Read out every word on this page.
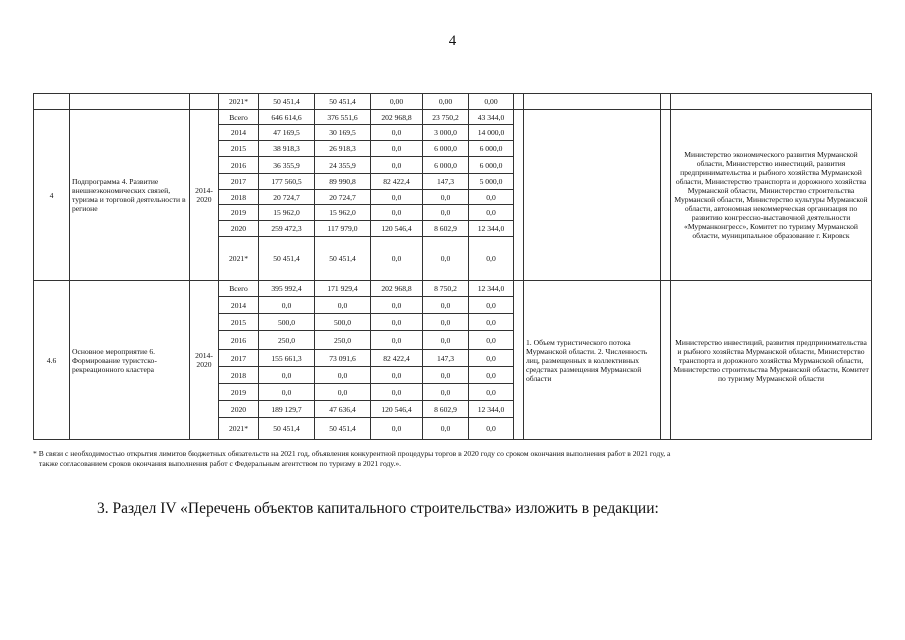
4
			2021*	50 451,4	50 451,4	0,00	0,00	0,00				
4	Подпрограмма 4. Развитие внешнеэкономических связей, туризма и торговой деятельности в регионе	2014-2020	Всего	646 614,6	376 551,6	202 968,8	23 750,2	43 344,0				Министерство экономического развития Мурманской области, Министерство инвестиций, развития предпринимательства и рыбного хозяйства Мурманской области, Министерство транспорта и дорожного хозяйства Мурманской области, Министерство строительства Мурманской области, Министерство культуры Мурманской области, автономная некоммерческая организация по развитию конгрессно-выставочной деятельности «Мурманконгресс», Комитет по туризму Мурманской области, муниципальное образование г. Кировск
			2014	47 169,5	30 169,5	0,0	3 000,0	14 000,0				
			2015	38 918,3	26 918,3	0,0	6 000,0	6 000,0				
			2016	36 355,9	24 355,9	0,0	6 000,0	6 000,0				
			2017	177 560,5	89 990,8	82 422,4	147,3	5 000,0				
			2018	20 724,7	20 724,7	0,0	0,0	0,0				
			2019	15 962,0	15 962,0	0,0	0,0	0,0				
			2020	259 472,3	117 979,0	120 546,4	8 602,9	12 344,0				
			2021*	50 451,4	50 451,4	0,0	0,0	0,0				
4.6	Основное мероприятие 6. Формирование туристско-рекреационного кластера	2014-2020	Всего	395 992,4	171 929,4	202 968,8	8 750,2	12 344,0		1. Объем туристического потока Мурманской области. 2. Численность лиц, размещенных в коллективных средствах размещения Мурманской области		Министерство инвестиций, развития предпринимательства и рыбного хозяйства Мурманской области, Министерство транспорта и дорожного хозяйства Мурманской области, Министерство строительства Мурманской области, Комитет по туризму Мурманской области
			2014	0,0	0,0	0,0	0,0	0,0				
			2015	500,0	500,0	0,0	0,0	0,0				
			2016	250,0	250,0	0,0	0,0	0,0				
			2017	155 661,3	73 091,6	82 422,4	147,3	0,0				
			2018	0,0	0,0	0,0	0,0	0,0				
			2019	0,0	0,0	0,0	0,0	0,0				
			2020	189 129,7	47 636,4	120 546,4	8 602,9	12 344,0				
			2021*	50 451,4	50 451,4	0,0	0,0	0,0				
* В связи с необходимостью открытия лимитов бюджетных обязательств на 2021 год, объявления конкурентной процедуры торгов в 2020 году со сроком окончания выполнения работ в 2021 году, а
также согласованием сроков окончания выполнения работ с Федеральным агентством по туризму в 2021 году.».
3. Раздел IV «Перечень объектов капитального строительства» изложить в редакции:
